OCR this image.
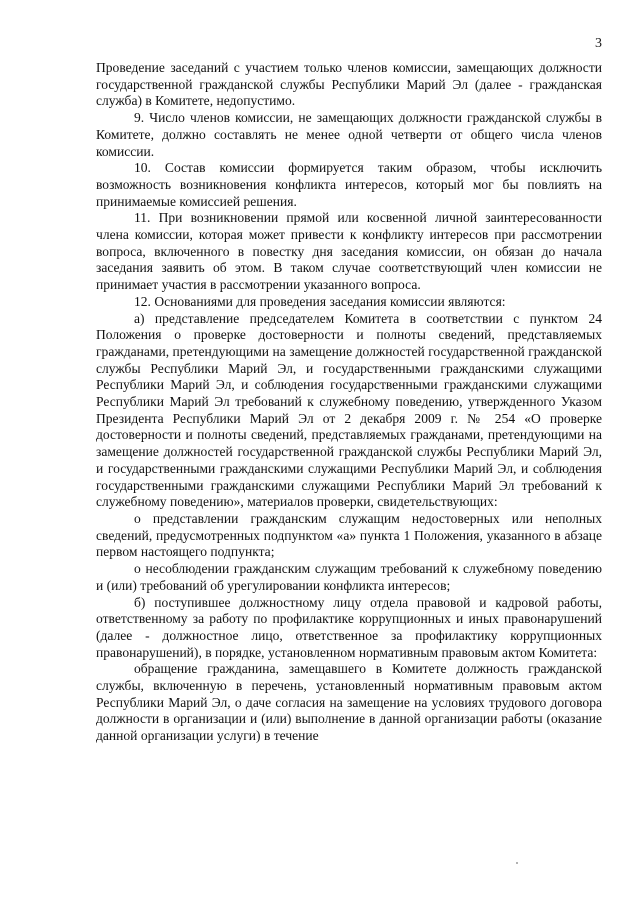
3

Проведение заседаний с участием только членов комиссии, замещающих должности государственной гражданской службы Республики Марий Эл (далее - гражданская служба) в Комитете, недопустимо.

9. Число членов комиссии, не замещающих должности гражданской службы в Комитете, должно составлять не менее одной четверти от общего числа членов комиссии.

10. Состав комиссии формируется таким образом, чтобы исключить возможность возникновения конфликта интересов, который мог бы повлиять на принимаемые комиссией решения.

11. При возникновении прямой или косвенной личной заинтересованности члена комиссии, которая может привести к конфликту интересов при рассмотрении вопроса, включенного в повестку дня заседания комиссии, он обязан до начала заседания заявить об этом. В таком случае соответствующий член комиссии не принимает участия в рассмотрении указанного вопроса.

12. Основаниями для проведения заседания комиссии являются:

а) представление председателем Комитета в соответствии с пунктом 24 Положения о проверке достоверности и полноты сведений, представляемых гражданами, претендующими на замещение должностей государственной гражданской службы Республики Марий Эл, и государственными гражданскими служащими Республики Марий Эл, и соблюдения государственными гражданскими служащими Республики Марий Эл требований к служебному поведению, утвержденного Указом Президента Республики Марий Эл от 2 декабря 2009 г. № 254 «О проверке достоверности и полноты сведений, представляемых гражданами, претендующими на замещение должностей государственной гражданской службы Республики Марий Эл, и государственными гражданскими служащими Республики Марий Эл, и соблюдения государственными гражданскими служащими Республики Марий Эл требований к служебному поведению», материалов проверки, свидетельствующих:

о представлении гражданским служащим недостоверных или неполных сведений, предусмотренных подпунктом «а» пункта 1 Положения, указанного в абзаце первом настоящего подпункта;

о несоблюдении гражданским служащим требований к служебному поведению и (или) требований об урегулировании конфликта интересов;

б) поступившее должностному лицу отдела правовой и кадровой работы, ответственному за работу по профилактике коррупционных и иных правонарушений (далее - должностное лицо, ответственное за профилактику коррупционных правонарушений), в порядке, установленном нормативным правовым актом Комитета:

обращение гражданина, замещавшего в Комитете должность гражданской службы, включенную в перечень, установленный нормативным правовым актом Республики Марий Эл, о даче согласия на замещение на условиях трудового договора должности в организации и (или) выполнение в данной организации работы (оказание данной организации услуги) в течение
